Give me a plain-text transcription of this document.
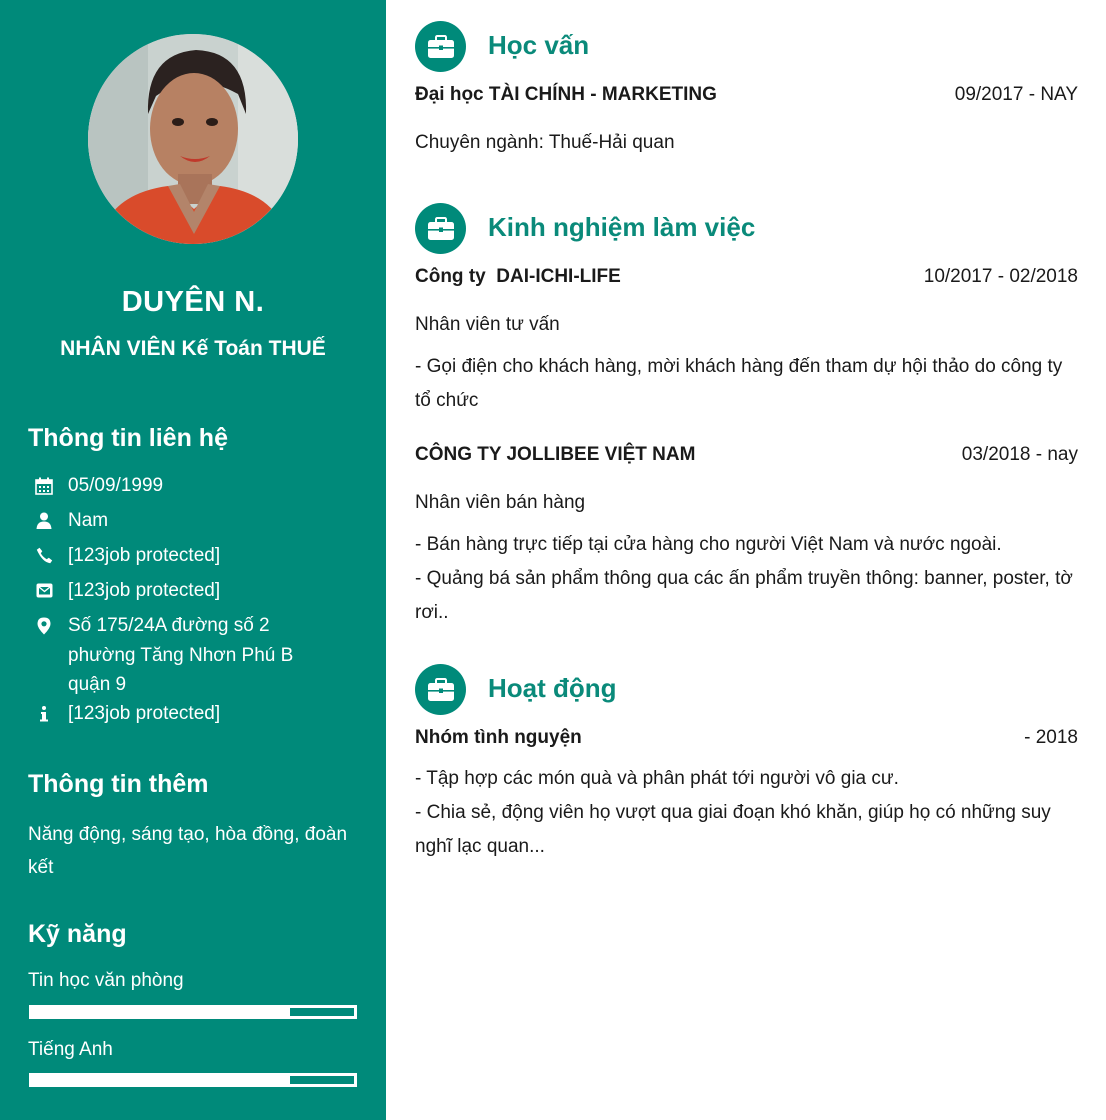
DUYÊN N.
NHÂN VIÊN Kế Toán THUẾ
Thông tin liên hệ
05/09/1999
Nam
[123job protected]
[123job protected]
Số 175/24A đường số 2
phường Tăng Nhơn Phú B
quận 9
[123job protected]
Thông tin thêm
Năng động, sáng tạo, hòa đồng, đoàn kết
Kỹ năng
Tin học văn phòng
Tiếng Anh
Học vấn
Đại học TÀI CHÍNH - MARKETING	09/2017 - NAY
Chuyên ngành: Thuế-Hải quan
Kinh nghiệm làm việc
Công ty  DAI-ICHI-LIFE	10/2017 - 02/2018
Nhân viên tư vấn
- Gọi điện cho khách hàng, mời khách hàng đến tham dự hội thảo do công ty tổ chức
CÔNG TY JOLLIBEE VIỆT NAM	03/2018 - nay
Nhân viên bán hàng
- Bán hàng trực tiếp tại cửa hàng cho người Việt Nam và nước ngoài.
- Quảng bá sản phẩm thông qua các ấn phẩm truyền thông: banner, poster, tờ rơi..
Hoạt động
Nhóm tình nguyện	- 2018
- Tập hợp các món quà và phân phát tới người vô gia cư.
- Chia sẻ, động viên họ vượt qua giai đoạn khó khăn, giúp họ có những suy nghĩ lạc quan...
